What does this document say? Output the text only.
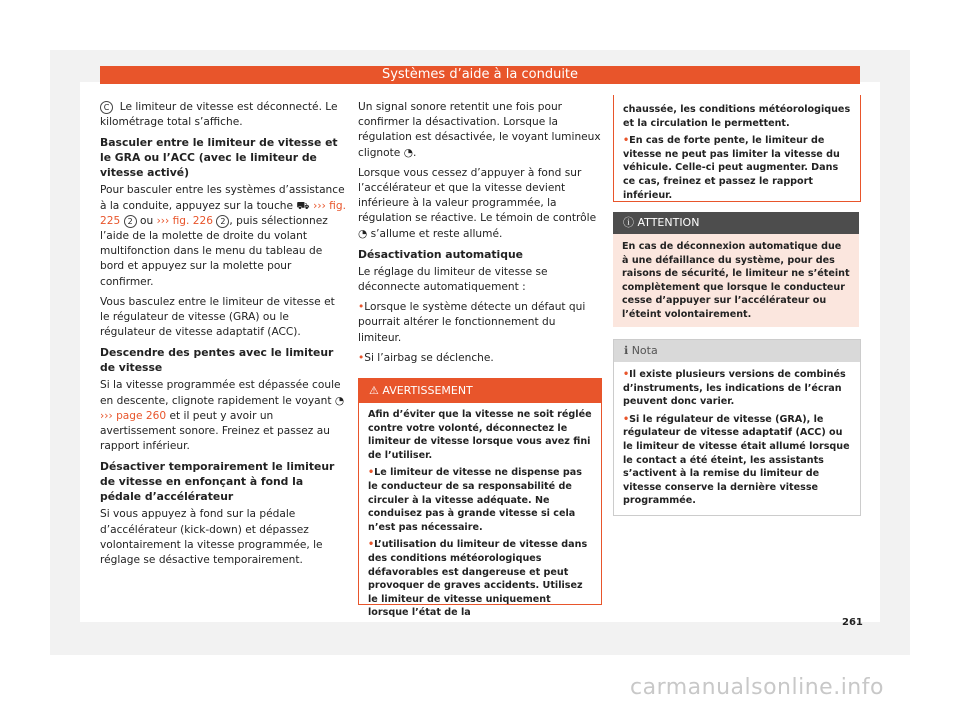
Systèmes d’aide à la conduite

C Le limiteur de vitesse est déconnecté. Le kilométrage total s’affiche.

Basculer entre le limiteur de vitesse et le GRA ou l’ACC (avec le limiteur de vitesse activé)

Pour basculer entre les systèmes d’assistance à la conduite, appuyez sur la touche ⛟ ››› fig. 225 2 ou ››› fig. 226 2 , puis sélectionnez l’aide de la molette de droite du volant multifonction dans le menu du tableau de bord et appuyez sur la molette pour confirmer.

Vous basculez entre le limiteur de vitesse et le régulateur de vitesse (GRA) ou le régulateur de vitesse adaptatif (ACC).

Descendre des pentes avec le limiteur de vitesse

Si la vitesse programmée est dépassée coule en descente, clignote rapidement le voyant ◔ ››› page 260 et il peut y avoir un avertissement sonore. Freinez et passez au rapport inférieur.

Désactiver temporairement le limiteur de vitesse en enfonçant à fond la pédale d’accélérateur

Si vous appuyez à fond sur la pédale d’accélérateur (kick-down) et dépassez volontairement la vitesse programmée, le réglage se désactive temporairement.

Un signal sonore retentit une fois pour confirmer la désactivation. Lorsque la régulation est désactivée, le voyant lumineux clignote ◔.

Lorsque vous cessez d’appuyer à fond sur l’accélérateur et que la vitesse devient inférieure à la valeur programmée, la régulation se réactive. Le témoin de contrôle ◔ s’allume et reste allumé.

Désactivation automatique

Le réglage du limiteur de vitesse se déconnecte automatiquement :

• Lorsque le système détecte un défaut qui pourrait altérer le fonctionnement du limiteur.

• Si l’airbag se déclenche.

⚠ AVERTISSEMENT

Afin d’éviter que la vitesse ne soit réglée contre votre volonté, déconnectez le limiteur de vitesse lorsque vous avez fini de l’utiliser.

• Le limiteur de vitesse ne dispense pas le conducteur de sa responsabilité de circuler à la vitesse adéquate. Ne conduisez pas à grande vitesse si cela n’est pas nécessaire.

• L’utilisation du limiteur de vitesse dans des conditions météorologiques défavorables est dangereuse et peut provoquer de graves accidents. Utilisez le limiteur de vitesse uniquement lorsque l’état de la

chaussée, les conditions météorologiques et la circulation le permettent.

• En cas de forte pente, le limiteur de vitesse ne peut pas limiter la vitesse du véhicule. Celle-ci peut augmenter. Dans ce cas, freinez et passez le rapport inférieur.

ⓘ ATTENTION
En cas de déconnexion automatique due à une défaillance du système, pour des raisons de sécurité, le limiteur ne s’éteint complètement que lorsque le conducteur cesse d’appuyer sur l’accélérateur ou l’éteint volontairement.
ℹ Nota

• Il existe plusieurs versions de combinés d’instruments, les indications de l’écran peuvent donc varier.

• Si le régulateur de vitesse (GRA), le régulateur de vitesse adaptatif (ACC) ou le limiteur de vitesse était allumé lorsque le contact a été éteint, les assistants s’activent à la remise du limiteur de vitesse conserve la dernière vitesse programmée.

261
carmanualsonline.info
